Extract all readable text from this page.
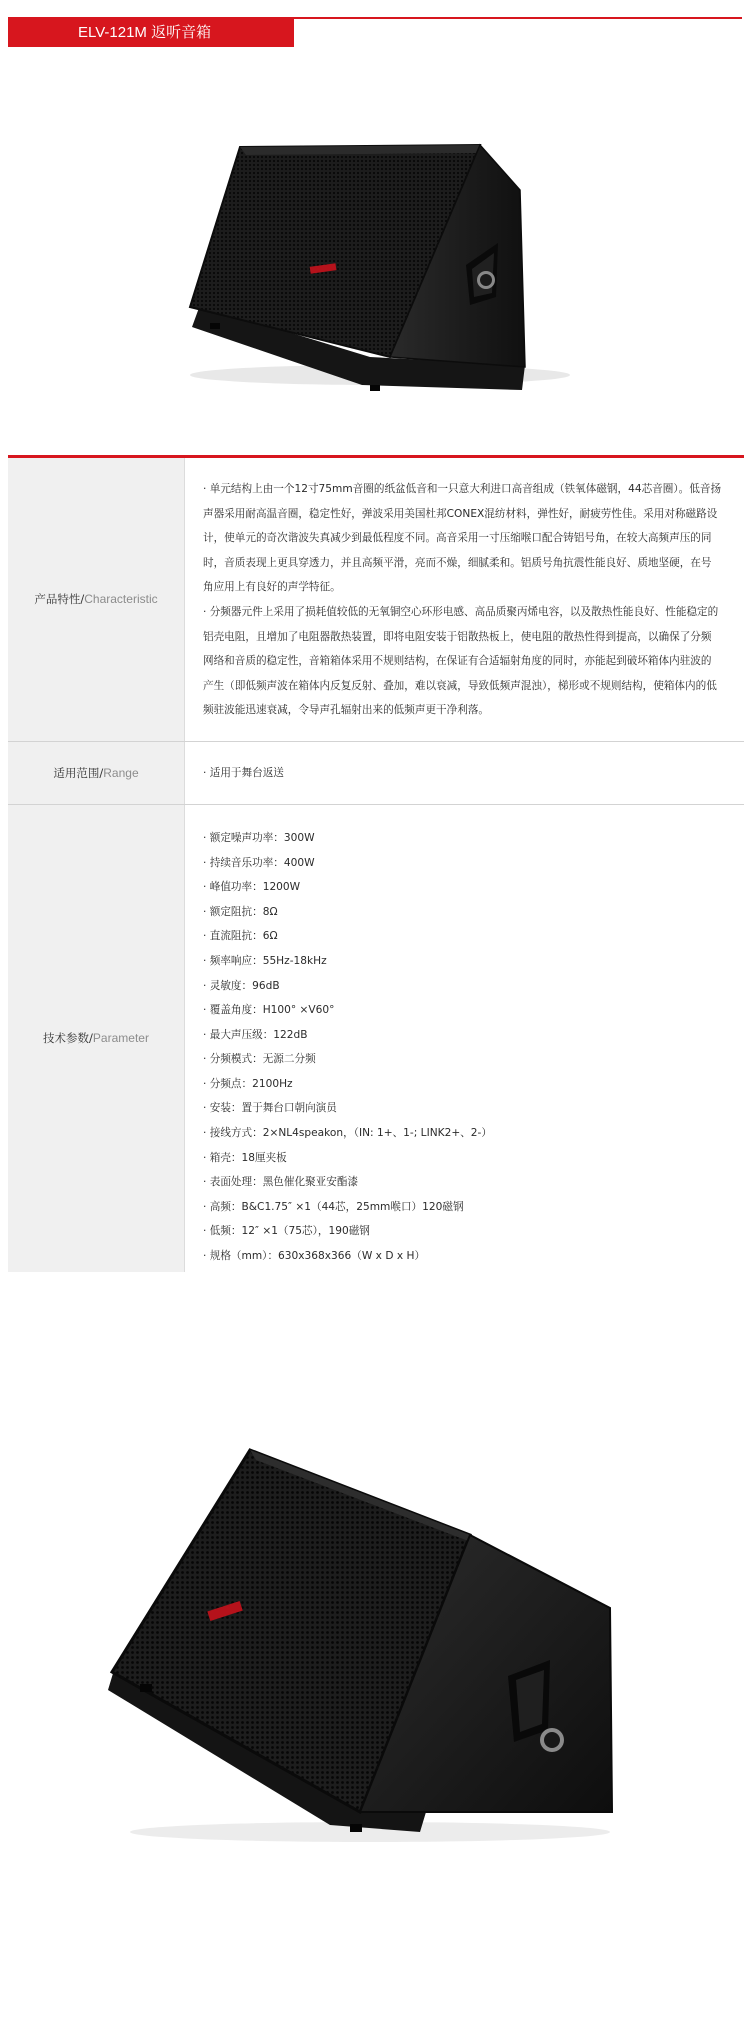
ELV-121M 返听音箱
产品特性/ Characteristic

· 单元结构上由一个12寸75mm音圈的纸盆低音和一只意大利进口高音组成（铁氧体磁钢，44芯音圈）。低音扬声器采用耐高温音圈，稳定性好，弹波采用美国杜邦CONEX混纺材料，弹性好，耐疲劳性佳。采用对称磁路设计，使单元的奇次谐波失真减少到最低程度不同。高音采用一寸压缩喉口配合铸铝号角，在较大高频声压的同时，音质表现上更具穿透力，并且高频平滑，亮而不燥，细腻柔和。铝质号角抗震性能良好、质地坚硬，在号角应用上有良好的声学特征。

· 分频器元件上采用了损耗值较低的无氧铜空心环形电感、高品质聚丙烯电容，以及散热性能良好、性能稳定的铝壳电阻，且增加了电阻器散热装置，即将电阻安装于铝散热板上，使电阻的散热性得到提高，以确保了分频网络和音质的稳定性，音箱箱体采用不规则结构，在保证有合适辐射角度的同时，亦能起到破坏箱体内驻波的产生（即低频声波在箱体内反复反射、叠加，难以衰减，导致低频声混浊），梯形或不规则结构，使箱体内的低频驻波能迅速衰减，令导声孔辐射出来的低频声更干净利落。

适用范围/ Range	· 适用于舞台返送
技术参数/ Parameter
· 额定噪声功率：300W
· 持续音乐功率：400W
· 峰值功率：1200W
· 额定阻抗：8Ω
· 直流阻抗：6Ω
· 频率响应：55Hz-18kHz
· 灵敏度：96dB
· 覆盖角度：H100° ×V60°
· 最大声压级：122dB
· 分频模式：无源二分频
· 分频点：2100Hz
· 安装：置于舞台口朝向演员
· 接线方式：2×NL4speakon，（IN: 1+、1-; LINK2+、2-）
· 箱壳：18厘夹板
· 表面处理：黑色催化聚亚安酯漆
· 高频：B&C1.75″ ×1（44芯，25mm喉口）120磁钢
· 低频：12″ ×1（75芯），190磁钢
· 规格（mm）：630x368x366（W x D x H）
